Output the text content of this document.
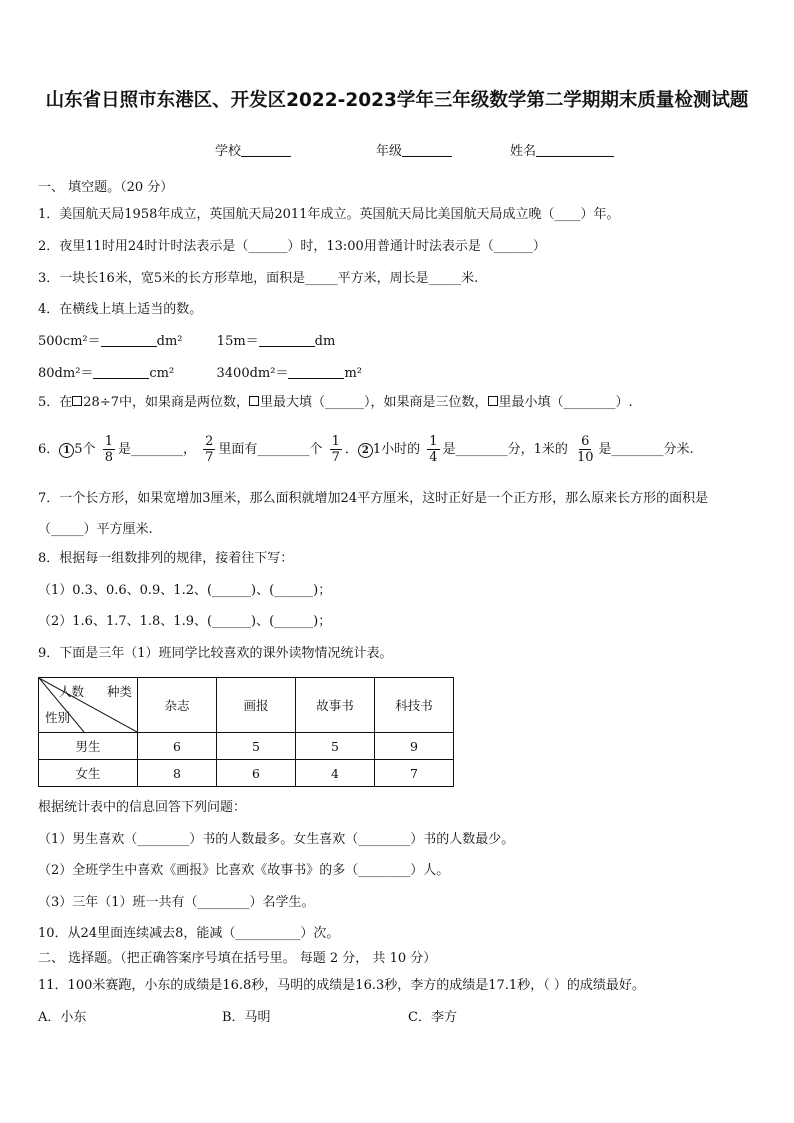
山东省日照市东港区、开发区2022-2023学年三年级数学第二学期期末质量检测试题
学校	年级	姓名
一、 填空题。（20 分）
1．美国航天局1958年成立，英国航天局2011年成立。英国航天局比美国航天局成立晚（____）年。
2．夜里11时用24时计时法表示是（______）时，13:00用普通计时法表示是（______）
3．一块长16米，宽5米的长方形草地，面积是_____平方米，周长是_____米.
4．在横线上填上适当的数。
500cm²＝	dm²	15m＝	dm
80dm²＝	cm²	3400dm²＝	m²
5．在 28÷7中，如果商是两位数， 里最大填（______），如果商是三位数， 里最小填（________）.
6． 1 5个 $\frac{1}{8}$ 是________， $\frac{2}{7}$ 里面有________个 $\frac{1}{7}$ ． 2 1小时的 $\frac{1}{4}$ 是________分，1米的 $\frac{6}{10}$ 是________分米.
7．一个长方形，如果宽增加3厘米，那么面积就增加24平方厘米，这时正好是一个正方形，那么原来长方形的面积是（_____）平方厘米.
8．根据每一组数排列的规律，接着往下写：
（1）0.3、0.6、0.9、1.2、(______)、(______)；
（2）1.6、1.7、1.8、1.9、(______)、(______)；
9．下面是三年（1）班同学比较喜欢的课外读物情况统计表。
人数 种类
性别	杂志	画报	故事书	科技书
男生	6	5	5	9
女生	8	6	4	7
根据统计表中的信息回答下列问题：
（1）男生喜欢（________）书的人数最多。女生喜欢（________）书的人数最少。
（2）全班学生中喜欢《画报》比喜欢《故事书》的多（________）人。
（3）三年（1）班一共有（________）名学生。
10．从24里面连续减去8，能减（__________）次。
二、 选择题。（把正确答案序号填在括号里。 每题 2 分， 共 10 分）
11．100米赛跑，小东的成绩是16.8秒，马明的成绩是16.3秒，李方的成绩是17.1秒，（ ）的成绩最好。
A．小东	B．马明	C．李方
